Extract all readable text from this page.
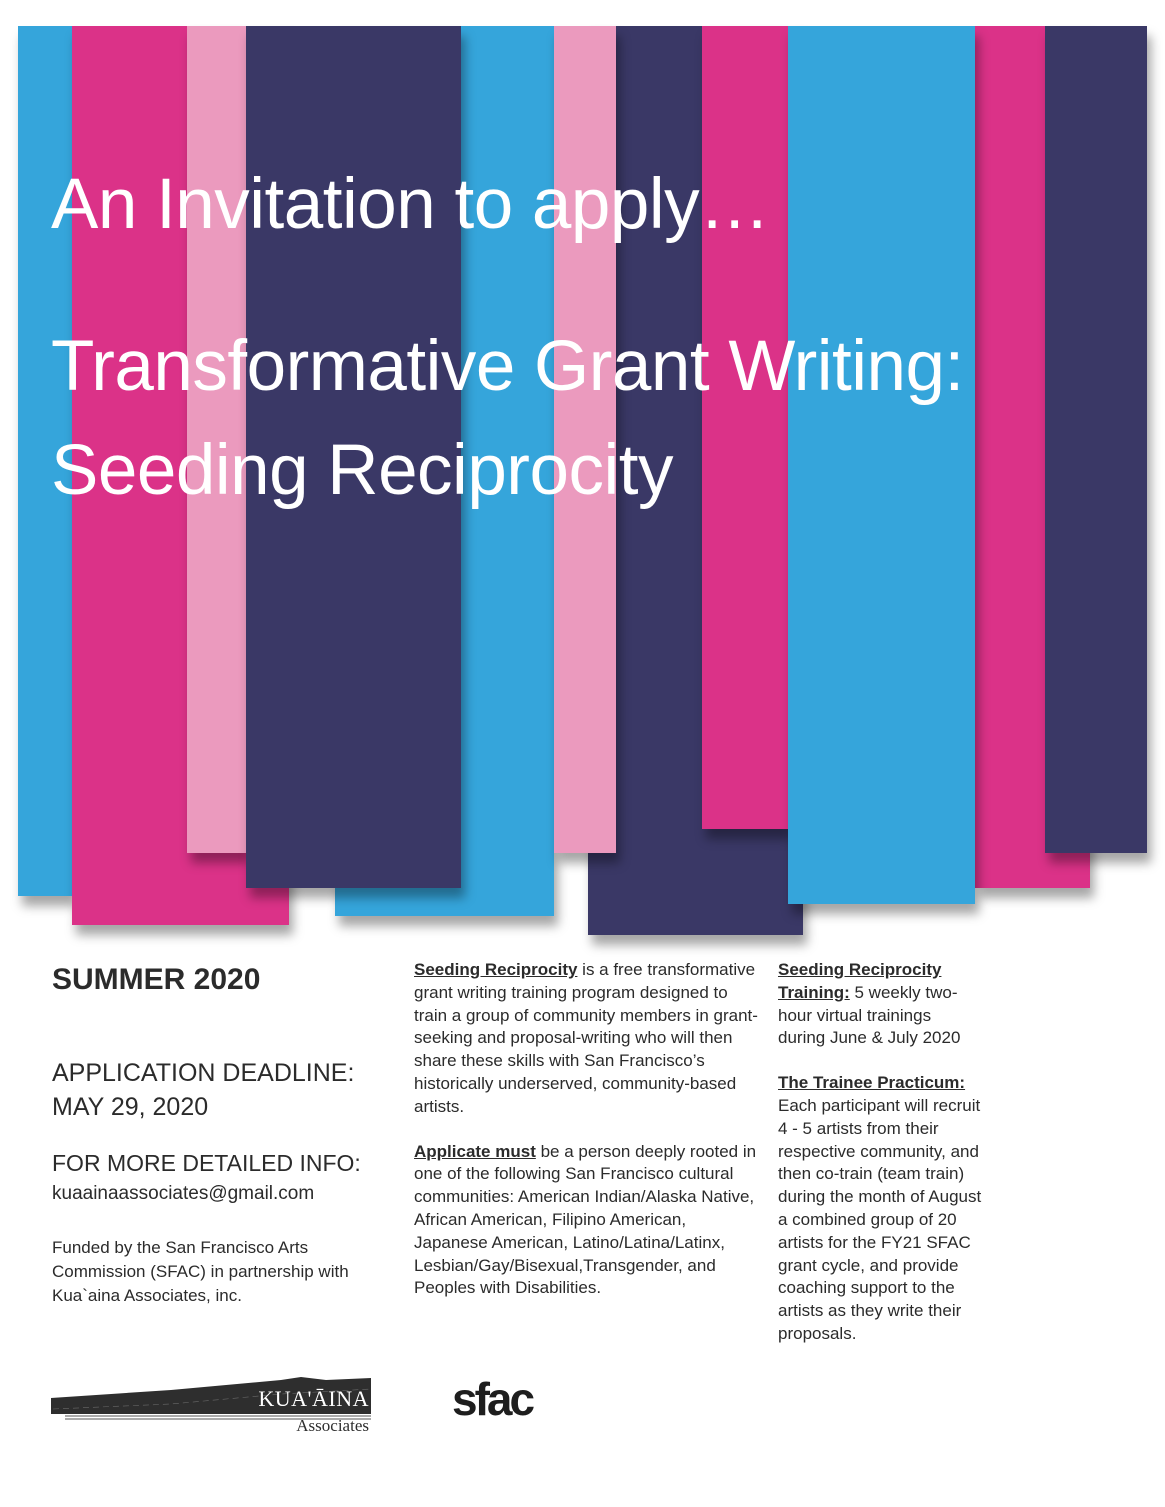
An Invitation to apply…
Transformative Grant Writing:
Seeding Reciprocity
SUMMER 2020
APPLICATION DEADLINE:
MAY 29, 2020
FOR MORE DETAILED INFO:
kuaainaassociates@gmail.com
Funded by the San Francisco Arts
Commission (SFAC) in partnership with
Kua`aina Associates, inc.

Seeding Reciprocity is a free transformative grant writing training program designed to train a group of community members in grant-seeking and proposal-writing who will then share these skills with San Francisco’s historically underserved, community-based artists.

Applicate must be a person deeply rooted in one of the following San Francisco cultural communities: American Indian/Alaska Native, African American, Filipino American, Japanese American, Latino/Latina/Latinx, Lesbian/Gay/Bisexual,Transgender, and Peoples with Disabilities.

Seeding Reciprocity Training: 5 weekly two-hour virtual trainings during June & July 2020

The Trainee Practicum: Each participant will recruit 4 - 5 artists from their respective community, and then co-train (team train) during the month of August a combined group of 20 artists for the FY21 SFAC grant cycle, and provide coaching support to the artists as they write their proposals.

KUA'ĀINA
Associates
sfac
